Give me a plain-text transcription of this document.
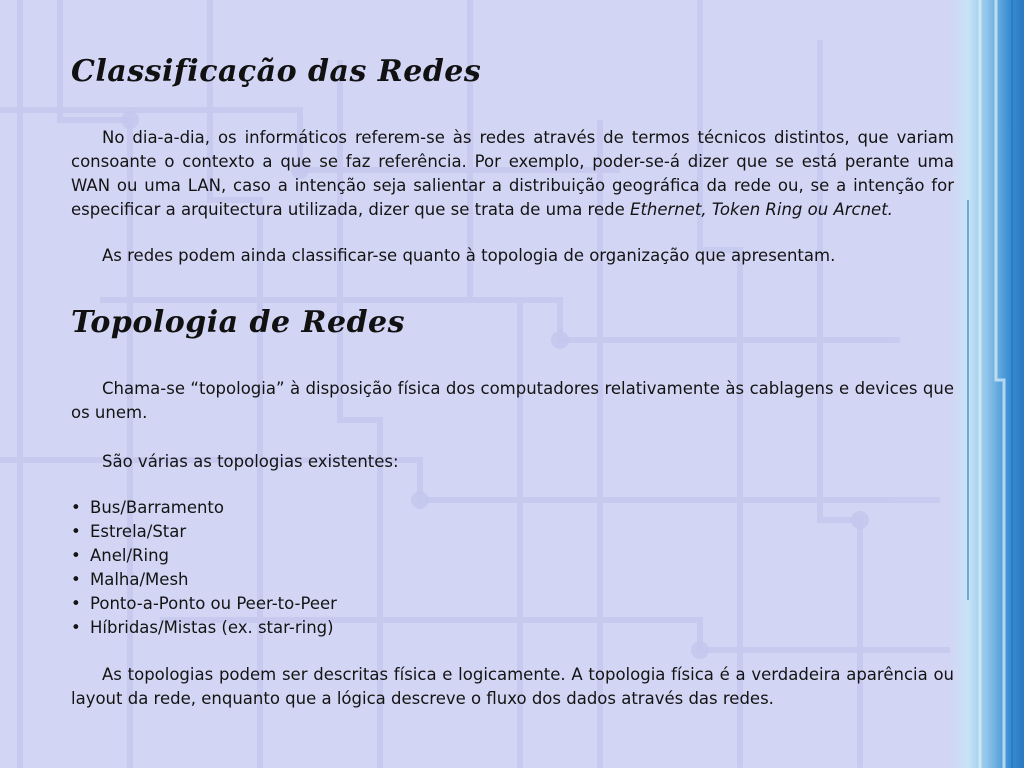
Classificação das Redes

No dia-a-dia, os informáticos referem-se às redes através de termos técnicos distintos, que variam consoante o contexto a que se faz referência. Por exemplo, poder-se-á dizer que se está perante uma WAN ou uma LAN, caso a intenção seja salientar a distribuição geográfica da rede ou, se a intenção for especificar a arquitectura utilizada, dizer que se trata de uma rede Ethernet, Token Ring ou Arcnet.

As redes podem ainda classificar-se quanto à topologia de organização que apresentam.

Topologia de Redes

Chama-se “topologia” à disposição física dos computadores relativamente às cablagens e devices que os unem.

São várias as topologias existentes:

• Bus/Barramento
• Estrela/Star
• Anel/Ring
• Malha/Mesh
• Ponto-a-Ponto ou Peer-to-Peer
• Híbridas/Mistas (ex. star-ring)

As topologias podem ser descritas física e logicamente. A topologia física é a verdadeira aparência ou layout da rede, enquanto que a lógica descreve o fluxo dos dados através das redes.
